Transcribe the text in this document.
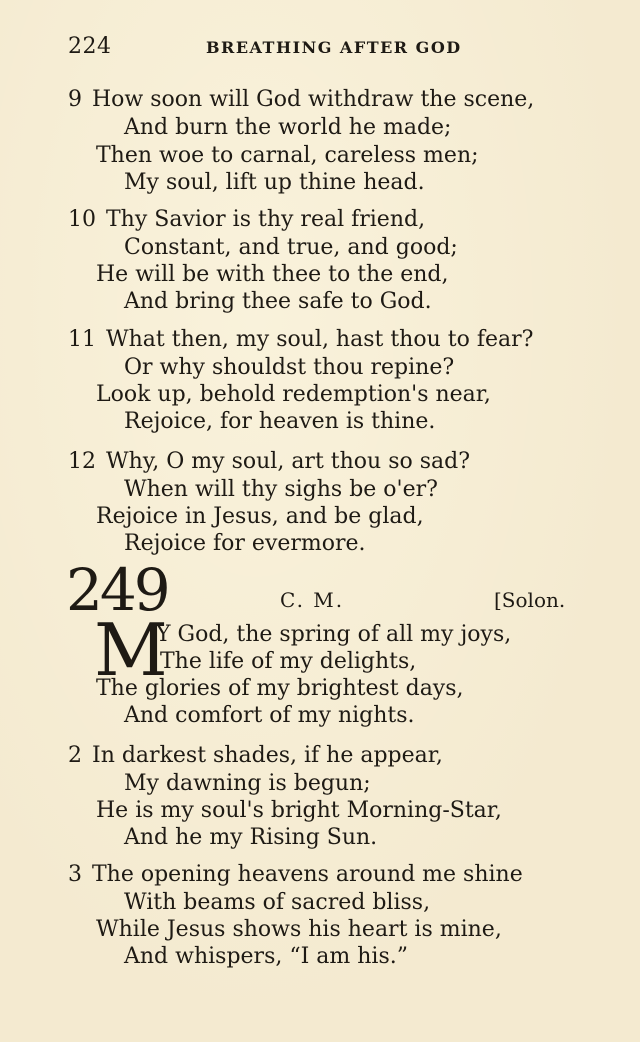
224	BREATHING AFTER GOD
9 How soon will God withdraw the scene,
And burn the world he made;
Then woe to carnal, careless men;
My soul, lift up thine head.
10 Thy Savior is thy real friend,
Constant, and true, and good;
He will be with thee to the end,
And bring thee safe to God.
11 What then, my soul, hast thou to fear?
Or why shouldst thou repine?
Look up, behold redemption's near,
Rejoice, for heaven is thine.
12 Why, O my soul, art thou so sad?
When will thy sighs be o'er?
Rejoice in Jesus, and be glad,
Rejoice for evermore.
249	C. M.	[Solon.
M
Y God, the spring of all my joys,
The life of my delights,
The glories of my brightest days,
And comfort of my nights.
2 In darkest shades, if he appear,
My dawning is begun;
He is my soul's bright Morning-Star,
And he my Rising Sun.
3 The opening heavens around me shine
With beams of sacred bliss,
While Jesus shows his heart is mine,
And whispers, “I am his.”
